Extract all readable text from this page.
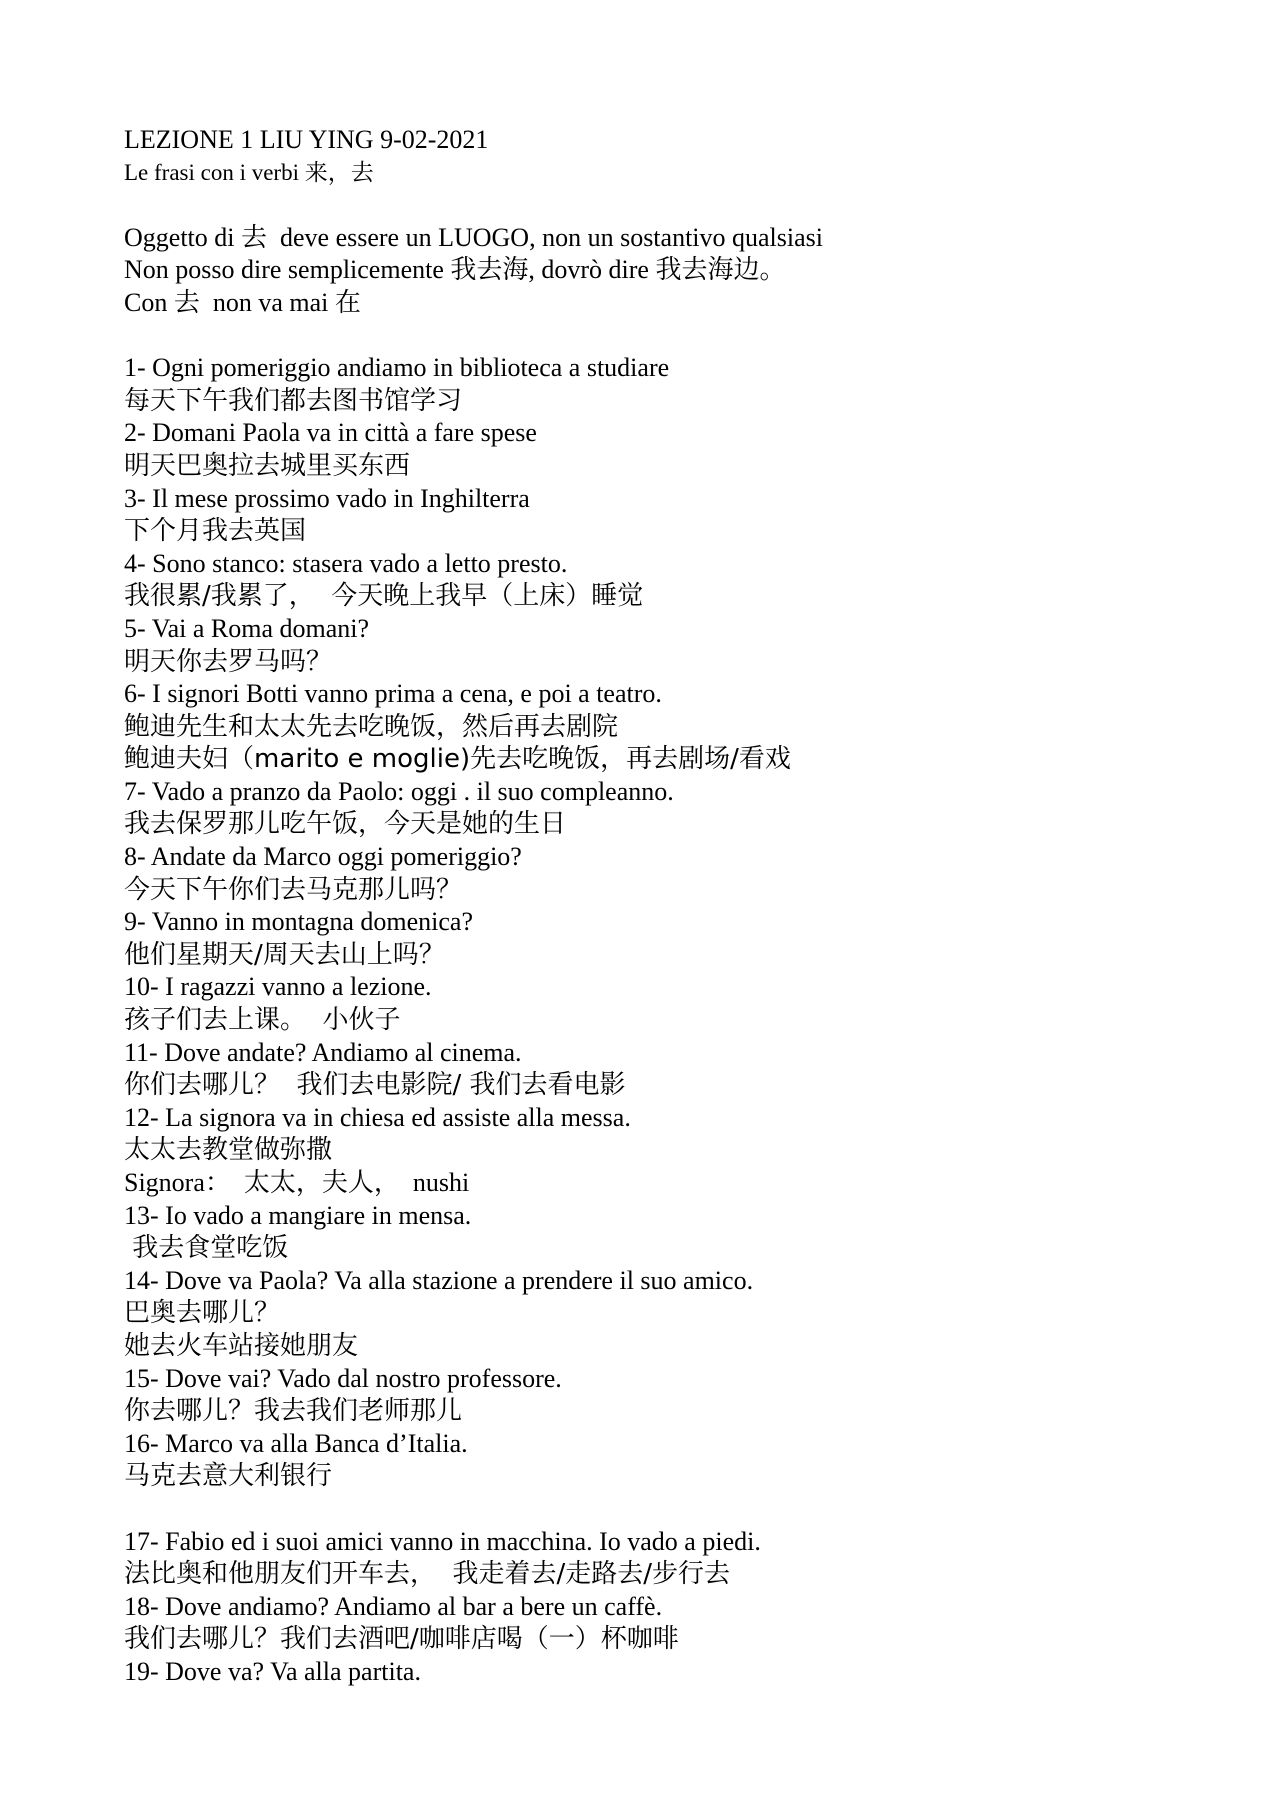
LEZIONE 1 LIU YING 9-02-2021
Le frasi con i verbi 来，去
Oggetto di 去  deve essere un LUOGO, non un sostantivo qualsiasi
Non posso dire semplicemente 我去海, dovrò dire 我去海边。
Con 去  non va mai 在
1- Ogni pomeriggio andiamo in biblioteca a studiare
每天下午我们都去图书馆学习
2- Domani Paola va in città a fare spese
明天巴奥拉去城里买东西
3- Il mese prossimo vado in Inghilterra
下个月我去英国
4- Sono stanco: stasera vado a letto presto.
我很累/我累了，  今天晚上我早（上床）睡觉
5- Vai a Roma domani?
明天你去罗马吗？
6- I signori Botti vanno prima a cena, e poi a teatro.
鲍迪先生和太太先去吃晚饭，然后再去剧院
鲍迪夫妇（marito e moglie)先去吃晚饭，再去剧场/看戏
7- Vado a pranzo da Paolo: oggi . il suo compleanno.
我去保罗那儿吃午饭，今天是她的生日
8- Andate da Marco oggi pomeriggio?
今天下午你们去马克那儿吗？
9- Vanno in montagna domenica?
他们星期天/周天去山上吗？
10- I ragazzi vanno a lezione.
孩子们去上课。  小伙子
11- Dove andate? Andiamo al cinema.
你们去哪儿？  我们去电影院/ 我们去看电影
12- La signora va in chiesa ed assiste alla messa.
太太去教堂做弥撒
Signora：  太太，夫人，  nushi
13- Io vado a mangiare in mensa.
我去食堂吃饭
14- Dove va Paola? Va alla stazione a prendere il suo amico.
巴奥去哪儿？
她去火车站接她朋友
15- Dove vai? Vado dal nostro professore.
你去哪儿？我去我们老师那儿
16- Marco va alla Banca d’Italia.
马克去意大利银行
17- Fabio ed i suoi amici vanno in macchina. Io vado a piedi.
法比奥和他朋友们开车去，  我走着去/走路去/步行去
18- Dove andiamo? Andiamo al bar a bere un caffè.
我们去哪儿？我们去酒吧/咖啡店喝（一）杯咖啡
19- Dove va? Va alla partita.
